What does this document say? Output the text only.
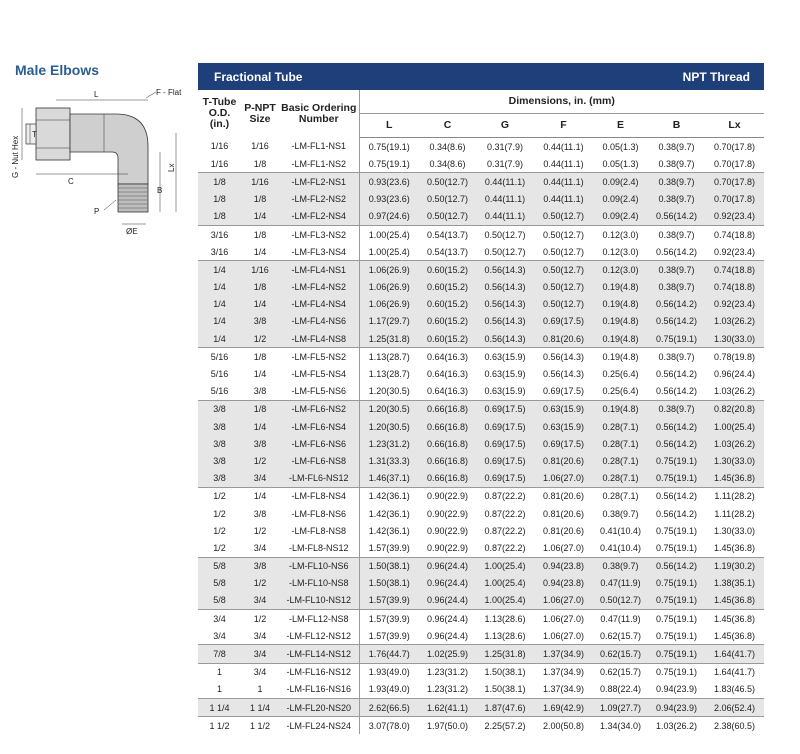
Male Elbows
L	F - Flat
G - Nut Hex
T
C
P
B
Lx
ØE
Fractional Tube	NPT Thread
T-Tube O.D. (in.)	P-NPT Size	Basic Ordering Number	Dimensions, in. (mm)						
			L	C	G	F	E	B	Lx
1/16	1/16	-LM-FL1-NS1	0.75(19.1)	0.34(8.6)	0.31(7.9)	0.44(11.1)	0.05(1.3)	0.38(9.7)	0.70(17.8)
1/16	1/8	-LM-FL1-NS2	0.75(19.1)	0.34(8.6)	0.31(7.9)	0.44(11.1)	0.05(1.3)	0.38(9.7)	0.70(17.8)
1/8	1/16	-LM-FL2-NS1	0.93(23.6)	0.50(12.7)	0.44(11.1)	0.44(11.1)	0.09(2.4)	0.38(9.7)	0.70(17.8)
1/8	1/8	-LM-FL2-NS2	0.93(23.6)	0.50(12.7)	0.44(11.1)	0.44(11.1)	0.09(2.4)	0.38(9.7)	0.70(17.8)
1/8	1/4	-LM-FL2-NS4	0.97(24.6)	0.50(12.7)	0.44(11.1)	0.50(12.7)	0.09(2.4)	0.56(14.2)	0.92(23.4)
3/16	1/8	-LM-FL3-NS2	1.00(25.4)	0.54(13.7)	0.50(12.7)	0.50(12.7)	0.12(3.0)	0.38(9.7)	0.74(18.8)
3/16	1/4	-LM-FL3-NS4	1.00(25.4)	0.54(13.7)	0.50(12.7)	0.50(12.7)	0.12(3.0)	0.56(14.2)	0.92(23.4)
1/4	1/16	-LM-FL4-NS1	1.06(26.9)	0.60(15.2)	0.56(14.3)	0.50(12.7)	0.12(3.0)	0.38(9.7)	0.74(18.8)
1/4	1/8	-LM-FL4-NS2	1.06(26.9)	0.60(15.2)	0.56(14.3)	0.50(12.7)	0.19(4.8)	0.38(9.7)	0.74(18.8)
1/4	1/4	-LM-FL4-NS4	1.06(26.9)	0.60(15.2)	0.56(14.3)	0.50(12.7)	0.19(4.8)	0.56(14.2)	0.92(23.4)
1/4	3/8	-LM-FL4-NS6	1.17(29.7)	0.60(15.2)	0.56(14.3)	0.69(17.5)	0.19(4.8)	0.56(14.2)	1.03(26.2)
1/4	1/2	-LM-FL4-NS8	1.25(31.8)	0.60(15.2)	0.56(14.3)	0.81(20.6)	0.19(4.8)	0.75(19.1)	1.30(33.0)
5/16	1/8	-LM-FL5-NS2	1.13(28.7)	0.64(16.3)	0.63(15.9)	0.56(14.3)	0.19(4.8)	0.38(9.7)	0.78(19.8)
5/16	1/4	-LM-FL5-NS4	1.13(28.7)	0.64(16.3)	0.63(15.9)	0.56(14.3)	0.25(6.4)	0.56(14.2)	0.96(24.4)
5/16	3/8	-LM-FL5-NS6	1.20(30.5)	0.64(16.3)	0.63(15.9)	0.69(17.5)	0.25(6.4)	0.56(14.2)	1.03(26.2)
3/8	1/8	-LM-FL6-NS2	1.20(30.5)	0.66(16.8)	0.69(17.5)	0.63(15.9)	0.19(4.8)	0.38(9.7)	0.82(20.8)
3/8	1/4	-LM-FL6-NS4	1.20(30.5)	0.66(16.8)	0.69(17.5)	0.63(15.9)	0.28(7.1)	0.56(14.2)	1.00(25.4)
3/8	3/8	-LM-FL6-NS6	1.23(31.2)	0.66(16.8)	0.69(17.5)	0.69(17.5)	0.28(7.1)	0.56(14.2)	1.03(26.2)
3/8	1/2	-LM-FL6-NS8	1.31(33.3)	0.66(16.8)	0.69(17.5)	0.81(20.6)	0.28(7.1)	0.75(19.1)	1.30(33.0)
3/8	3/4	-LM-FL6-NS12	1.46(37.1)	0.66(16.8)	0.69(17.5)	1.06(27.0)	0.28(7.1)	0.75(19.1)	1.45(36.8)
1/2	1/4	-LM-FL8-NS4	1.42(36.1)	0.90(22.9)	0.87(22.2)	0.81(20.6)	0.28(7.1)	0.56(14.2)	1.11(28.2)
1/2	3/8	-LM-FL8-NS6	1.42(36.1)	0.90(22.9)	0.87(22.2)	0.81(20.6)	0.38(9.7)	0.56(14.2)	1.11(28.2)
1/2	1/2	-LM-FL8-NS8	1.42(36.1)	0.90(22.9)	0.87(22.2)	0.81(20.6)	0.41(10.4)	0.75(19.1)	1.30(33.0)
1/2	3/4	-LM-FL8-NS12	1.57(39.9)	0.90(22.9)	0.87(22.2)	1.06(27.0)	0.41(10.4)	0.75(19.1)	1.45(36.8)
5/8	3/8	-LM-FL10-NS6	1.50(38.1)	0.96(24.4)	1.00(25.4)	0.94(23.8)	0.38(9.7)	0.56(14.2)	1.19(30.2)
5/8	1/2	-LM-FL10-NS8	1.50(38.1)	0.96(24.4)	1.00(25.4)	0.94(23.8)	0.47(11.9)	0.75(19.1)	1.38(35.1)
5/8	3/4	-LM-FL10-NS12	1.57(39.9)	0.96(24.4)	1.00(25.4)	1.06(27.0)	0.50(12.7)	0.75(19.1)	1.45(36.8)
3/4	1/2	-LM-FL12-NS8	1.57(39.9)	0.96(24.4)	1.13(28.6)	1.06(27.0)	0.47(11.9)	0.75(19.1)	1.45(36.8)
3/4	3/4	-LM-FL12-NS12	1.57(39.9)	0.96(24.4)	1.13(28.6)	1.06(27.0)	0.62(15.7)	0.75(19.1)	1.45(36.8)
7/8	3/4	-LM-FL14-NS12	1.76(44.7)	1.02(25.9)	1.25(31.8)	1.37(34.9)	0.62(15.7)	0.75(19.1)	1.64(41.7)
1	3/4	-LM-FL16-NS12	1.93(49.0)	1.23(31.2)	1.50(38.1)	1.37(34.9)	0.62(15.7)	0.75(19.1)	1.64(41.7)
1	1	-LM-FL16-NS16	1.93(49.0)	1.23(31.2)	1.50(38.1)	1.37(34.9)	0.88(22.4)	0.94(23.9)	1.83(46.5)
1 1/4	1 1/4	-LM-FL20-NS20	2.62(66.5)	1.62(41.1)	1.87(47.6)	1.69(42.9)	1.09(27.7)	0.94(23.9)	2.06(52.4)
1 1/2	1 1/2	-LM-FL24-NS24	3.07(78.0)	1.97(50.0)	2.25(57.2)	2.00(50.8)	1.34(34.0)	1.03(26.2)	2.38(60.5)
